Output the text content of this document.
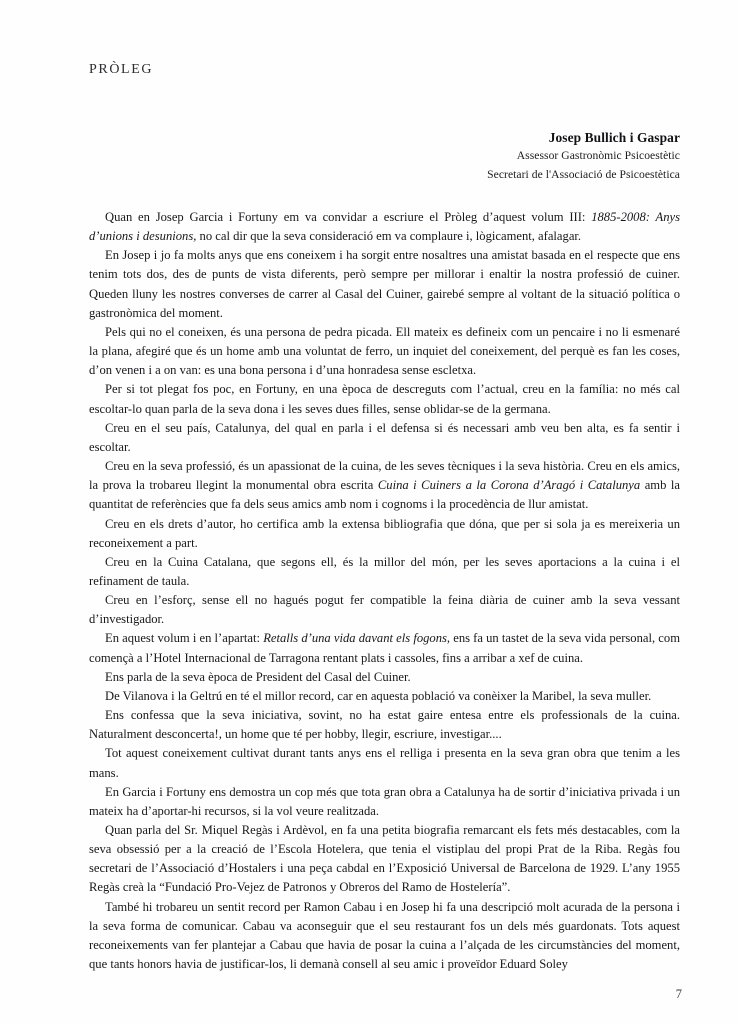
pròleg
Josep Bullich i Gaspar
Assessor Gastronòmic Psicoestètic
Secretari de l'Associació de Psicoestètica

Quan en Josep Garcia i Fortuny em va convidar a escriure el Pròleg d’aquest volum III: 1885-2008: Anys d’unions i desunions, no cal dir que la seva consideració em va complaure i, lògicament, afalagar.

En Josep i jo fa molts anys que ens coneixem i ha sorgit entre nosaltres una amistat basada en el respecte que ens tenim tots dos, des de punts de vista diferents, però sempre per millorar i enaltir la nostra professió de cuiner. Queden lluny les nostres converses de carrer al Casal del Cuiner, gairebé sempre al voltant de la situació política o gastronòmica del moment.

Pels qui no el coneixen, és una persona de pedra picada. Ell mateix es defineix com un pencaire i no li esmenaré la plana, afegiré que és un home amb una voluntat de ferro, un inquiet del coneixement, del perquè es fan les coses, d’on venen i a on van: es una bona persona i d’una honradesa sense escletxa.

Per si tot plegat fos poc, en Fortuny, en una època de descreguts com l’actual, creu en la família: no més cal escoltar-lo quan parla de la seva dona i les seves dues filles, sense oblidar-se de la germana.

Creu en el seu país, Catalunya, del qual en parla i el defensa si és necessari amb veu ben alta, es fa sentir i escoltar.

Creu en la seva professió, és un apassionat de la cuina, de les seves tècniques i la seva història. Creu en els amics, la prova la trobareu llegint la monumental obra escrita Cuina i Cuiners a la Corona d’Aragó i Catalunya amb la quantitat de referències que fa dels seus amics amb nom i cognoms i la procedència de llur amistat.

Creu en els drets d’autor, ho certifica amb la extensa bibliografia que dóna, que per si sola ja es mereixeria un reconeixement a part.

Creu en la Cuina Catalana, que segons ell, és la millor del món, per les seves aportacions a la cuina i el refinament de taula.

Creu en l’esforç, sense ell no hagués pogut fer compatible la feina diària de cuiner amb la seva vessant d’investigador.

En aquest volum i en l’apartat: Retalls d’una vida davant els fogons, ens fa un tastet de la seva vida personal, com començà a l’Hotel Internacional de Tarragona rentant plats i cassoles, fins a arribar a xef de cuina.

Ens parla de la seva època de President del Casal del Cuiner.

De Vilanova i la Geltrú en té el millor record, car en aquesta població va conèixer la Maribel, la seva muller.

Ens confessa que la seva iniciativa, sovint, no ha estat gaire entesa entre els professionals de la cuina. Naturalment desconcerta!, un home que té per hobby, llegir, escriure, investigar....

Tot aquest coneixement cultivat durant tants anys ens el relliga i presenta en la seva gran obra que tenim a les mans.

En Garcia i Fortuny ens demostra un cop més que tota gran obra a Catalunya ha de sortir d’iniciativa privada i un mateix ha d’aportar-hi recursos, si la vol veure realitzada.

Quan parla del Sr. Miquel Regàs i Ardèvol, en fa una petita biografia remarcant els fets més destacables, com la seva obsessió per a la creació de l’Escola Hotelera, que tenia el vistiplau del propi Prat de la Riba. Regàs fou secretari de l’Associació d’Hostalers i una peça cabdal en l’Exposició Universal de Barcelona de 1929. L’any 1955 Regàs creà la “Fundació Pro-Vejez de Patronos y Obreros del Ramo de Hostelería”.

També hi trobareu un sentit record per Ramon Cabau i en Josep hi fa una descripció molt acurada de la persona i la seva forma de comunicar. Cabau va aconseguir que el seu restaurant fos un dels més guardonats. Tots aquest reconeixements van fer plantejar a Cabau que havia de posar la cuina a l’alçada de les circumstàncies del moment, que tants honors havia de justificar-los, li demanà consell al seu amic i proveïdor Eduard Soley

7
